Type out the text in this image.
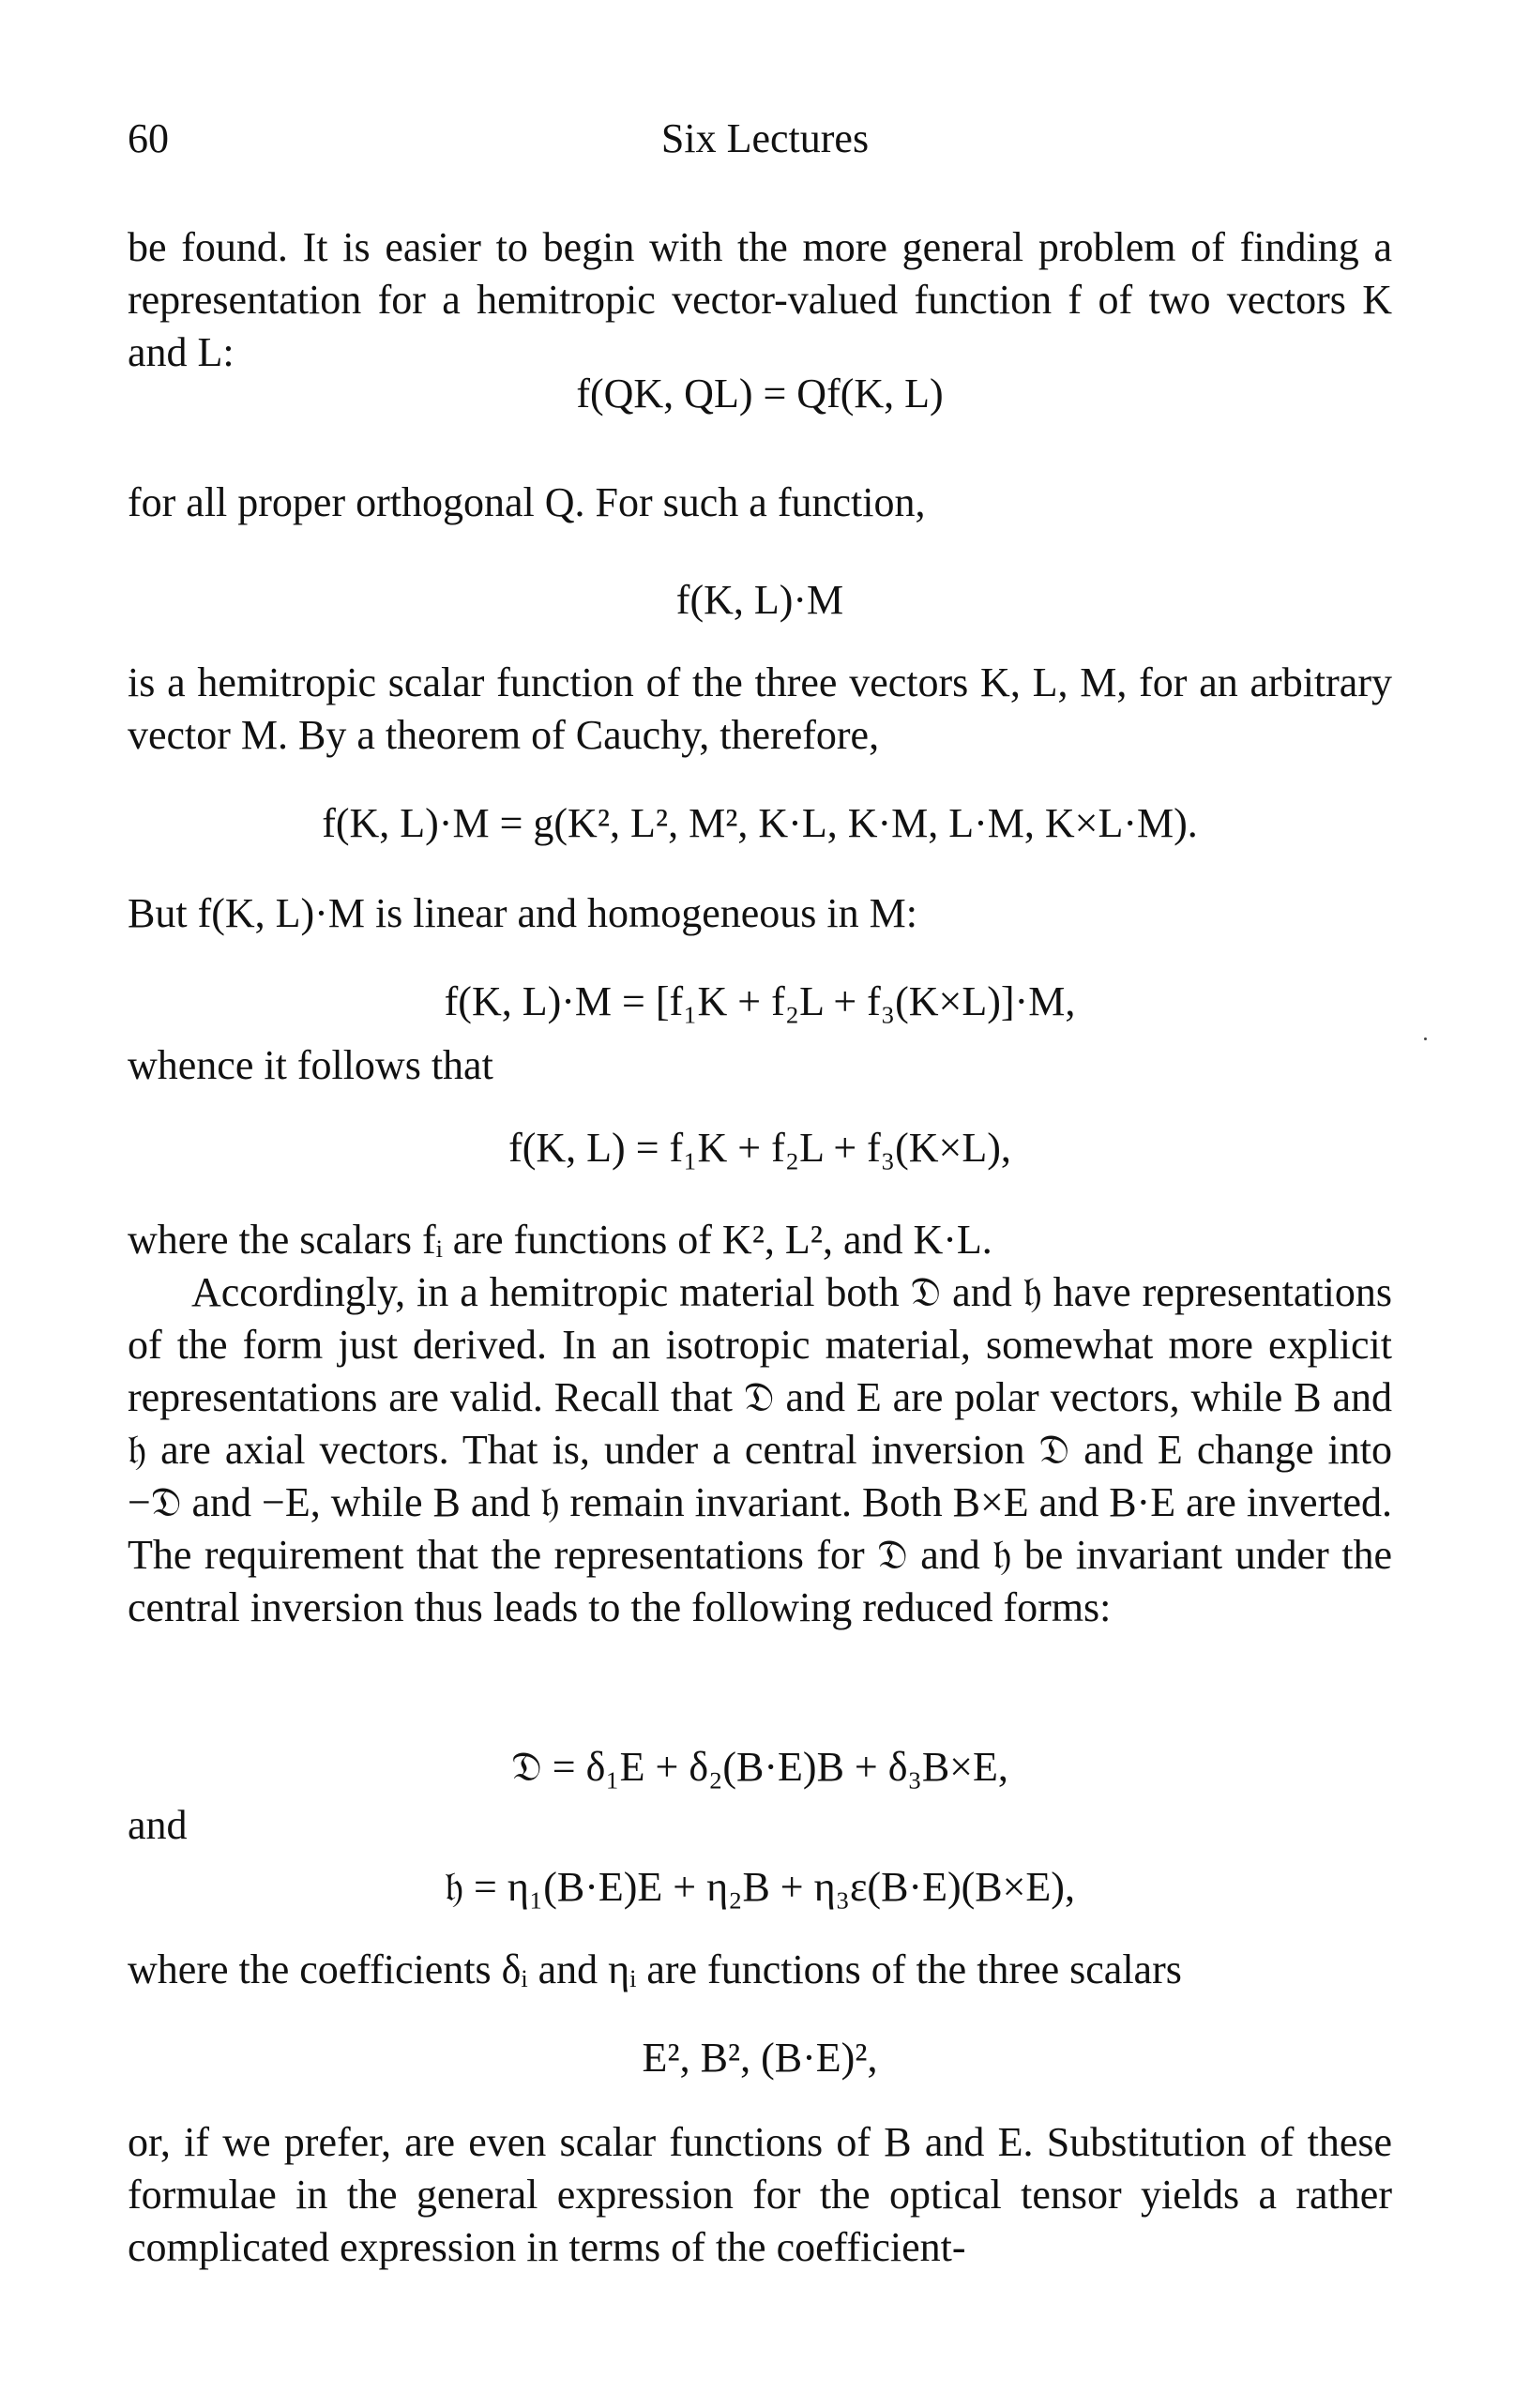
60	Six Lectures
be found. It is easier to begin with the more general problem of finding a representation for a hemitropic vector-valued function f of two vectors K and L:
f(QK, QL) = Qf(K, L)
for all proper orthogonal Q. For such a function,
f(K, L)·M
is a hemitropic scalar function of the three vectors K, L, M, for an arbitrary vector M. By a theorem of Cauchy, therefore,
f(K, L)·M = g(K², L², M², K·L, K·M, L·M, K×L·M).
But f(K, L)·M is linear and homogeneous in M:
f(K, L)·M = [f₁K + f₂L + f₃(K×L)]·M,
whence it follows that
f(K, L) = f₁K + f₂L + f₃(K×L),
where the scalars fᵢ are functions of K², L², and K·L.
Accordingly, in a hemitropic material both 𝔇 and 𝔥 have representations of the form just derived. In an isotropic material, somewhat more explicit representations are valid. Recall that 𝔇 and E are polar vectors, while B and 𝔥 are axial vectors. That is, under a central inversion 𝔇 and E change into −𝔇 and −E, while B and 𝔥 remain invariant. Both B×E and B·E are inverted. The requirement that the representations for 𝔇 and 𝔥 be invariant under the central inversion thus leads to the following reduced forms:
𝔇 = δ₁E + δ₂(B·E)B + δ₃B×E,
and
𝔥 = η₁(B·E)E + η₂B + η₃ε(B·E)(B×E),
where the coefficients δᵢ and ηᵢ are functions of the three scalars
E², B², (B·E)²,
or, if we prefer, are even scalar functions of B and E. Substitution of these formulae in the general expression for the optical tensor yields a rather complicated expression in terms of the coefficient-
